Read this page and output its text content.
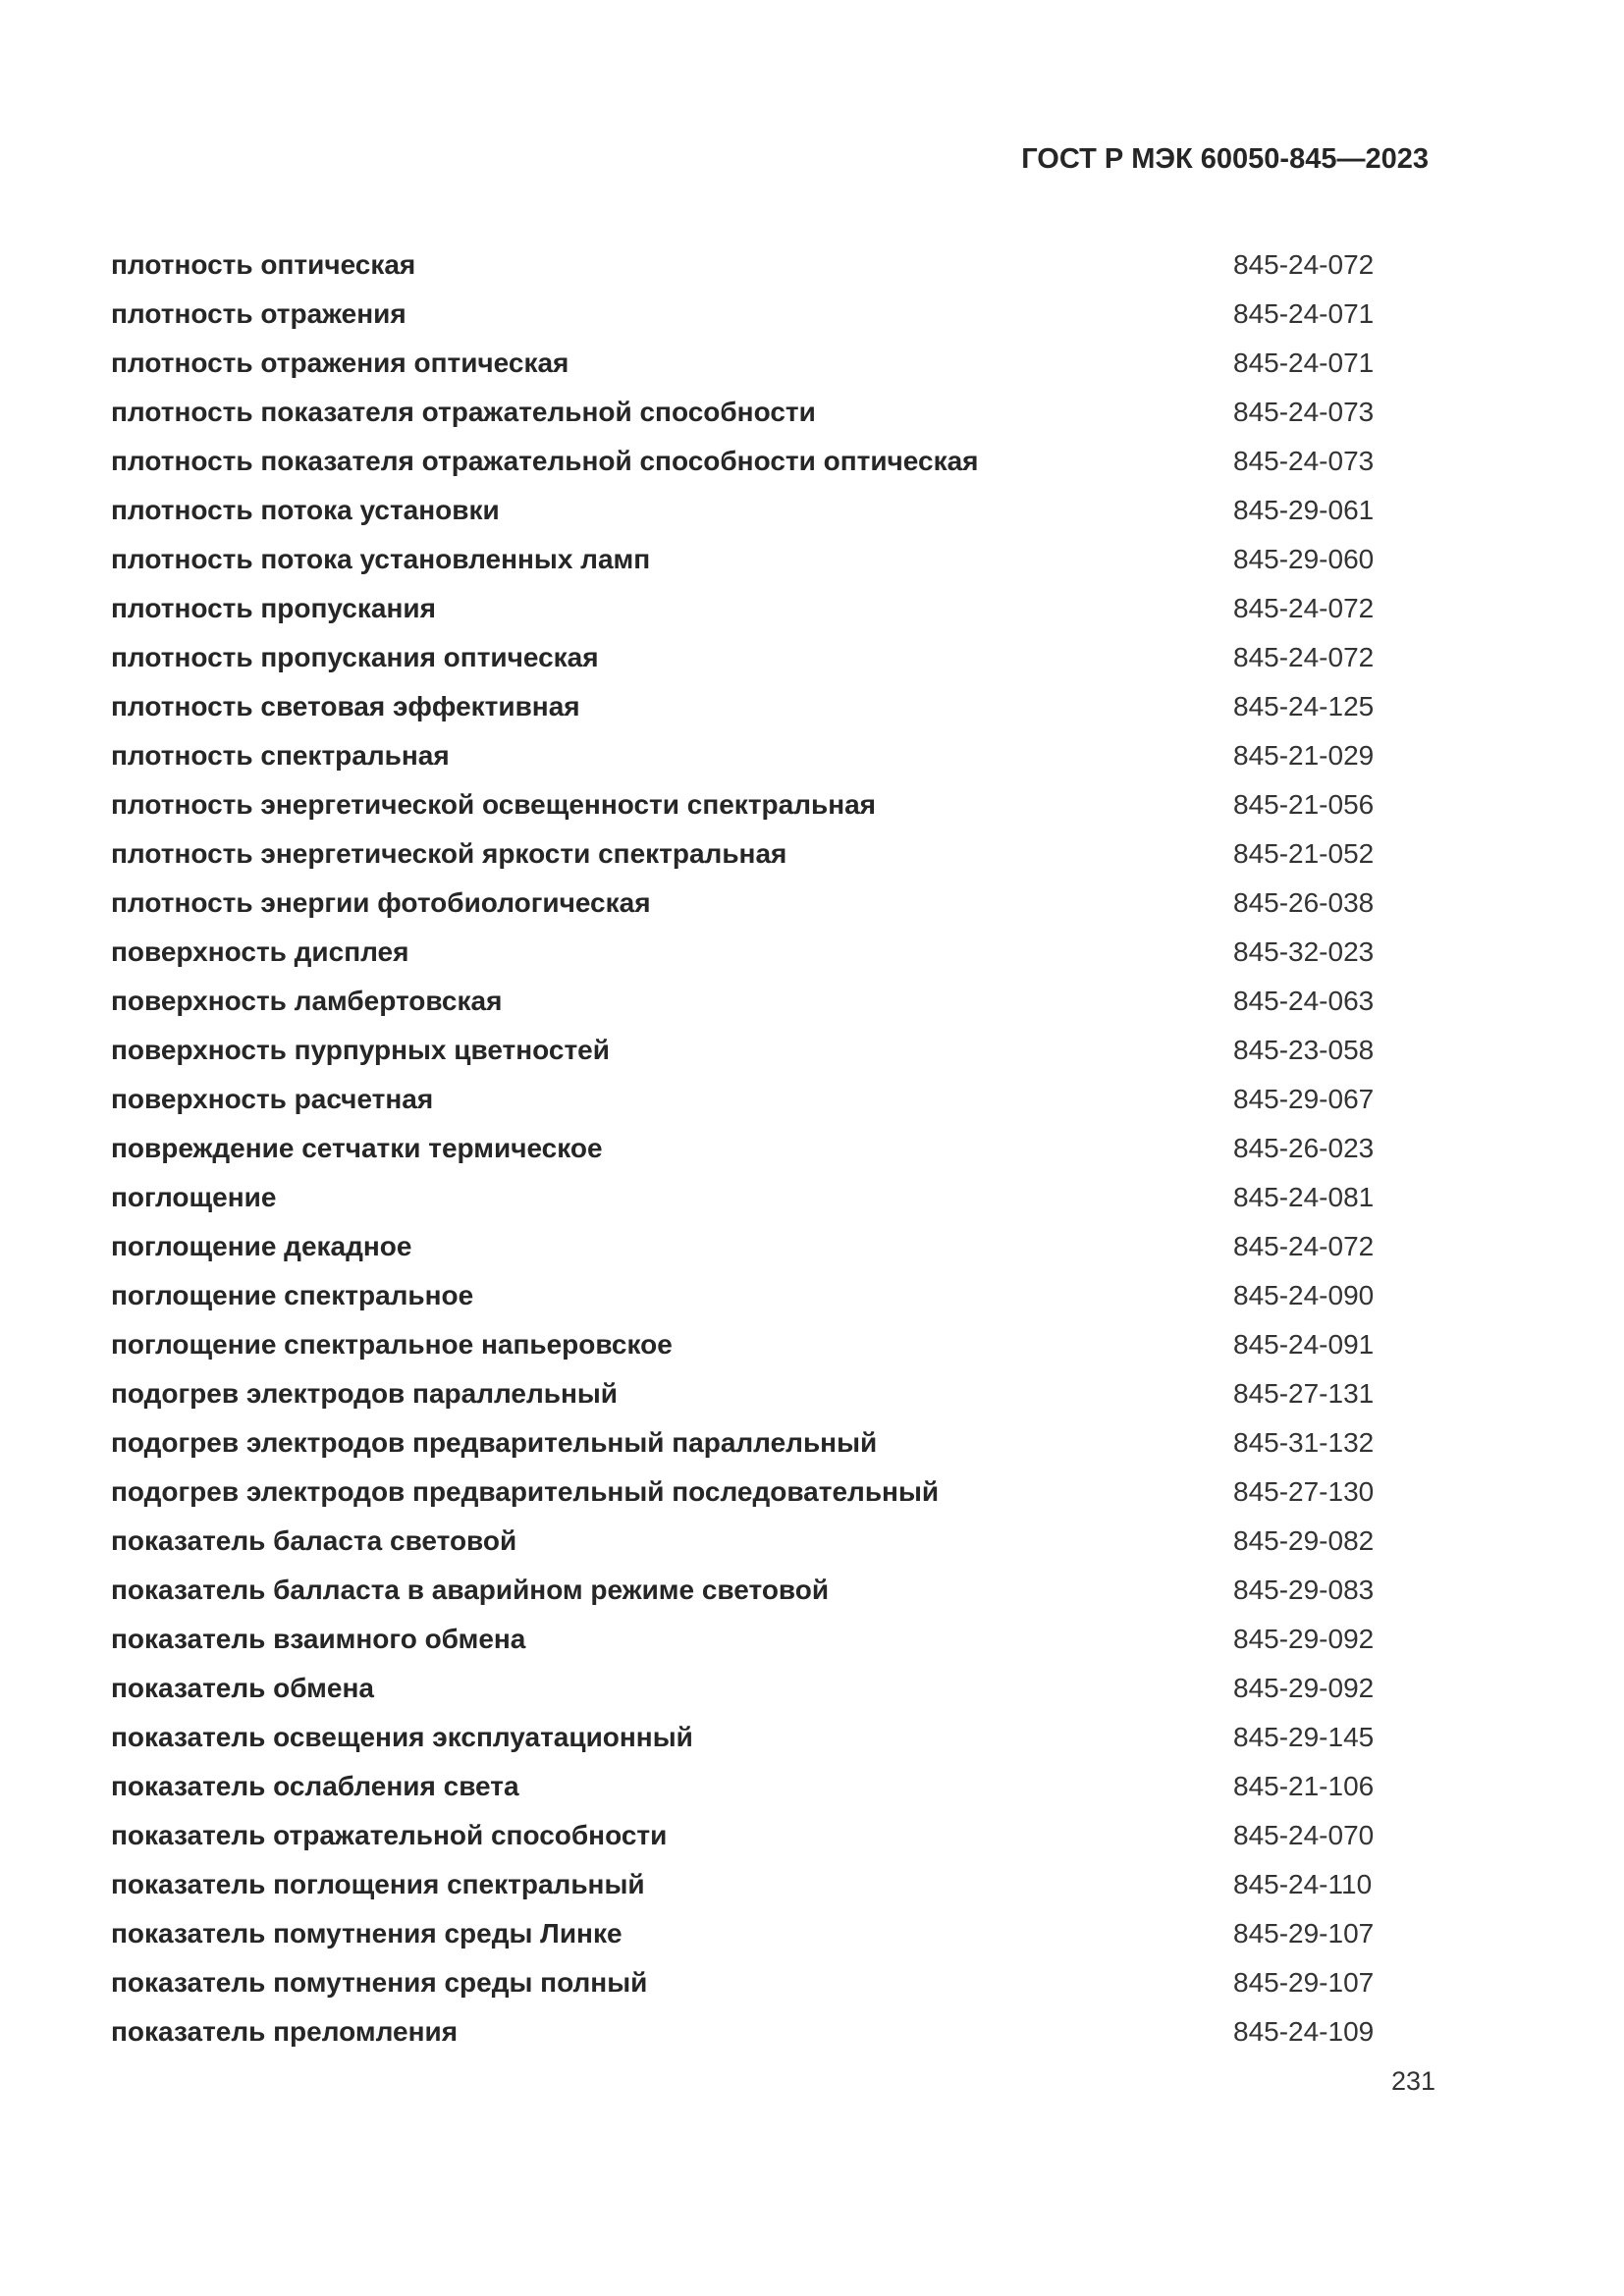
ГОСТ Р МЭК 60050-845—2023
плотность оптическая	845-24-072
плотность отражения	845-24-071
плотность отражения оптическая	845-24-071
плотность показателя отражательной способности	845-24-073
плотность показателя отражательной способности оптическая	845-24-073
плотность потока установки	845-29-061
плотность потока установленных ламп	845-29-060
плотность пропускания	845-24-072
плотность пропускания оптическая	845-24-072
плотность световая эффективная	845-24-125
плотность спектральная	845-21-029
плотность энергетической освещенности спектральная	845-21-056
плотность энергетической яркости спектральная	845-21-052
плотность энергии фотобиологическая	845-26-038
поверхность дисплея	845-32-023
поверхность ламбертовская	845-24-063
поверхность пурпурных цветностей	845-23-058
поверхность расчетная	845-29-067
повреждение сетчатки термическое	845-26-023
поглощение	845-24-081
поглощение декадное	845-24-072
поглощение спектральное	845-24-090
поглощение спектральное напьеровское	845-24-091
подогрев электродов параллельный	845-27-131
подогрев электродов предварительный параллельный	845-31-132
подогрев электродов предварительный последовательный	845-27-130
показатель баласта световой	845-29-082
показатель балласта в аварийном режиме световой	845-29-083
показатель взаимного обмена	845-29-092
показатель обмена	845-29-092
показатель освещения эксплуатационный	845-29-145
показатель ослабления света	845-21-106
показатель отражательной способности	845-24-070
показатель поглощения спектральный	845-24-110
показатель помутнения среды Линке	845-29-107
показатель помутнения среды полный	845-29-107
показатель преломления	845-24-109
231
